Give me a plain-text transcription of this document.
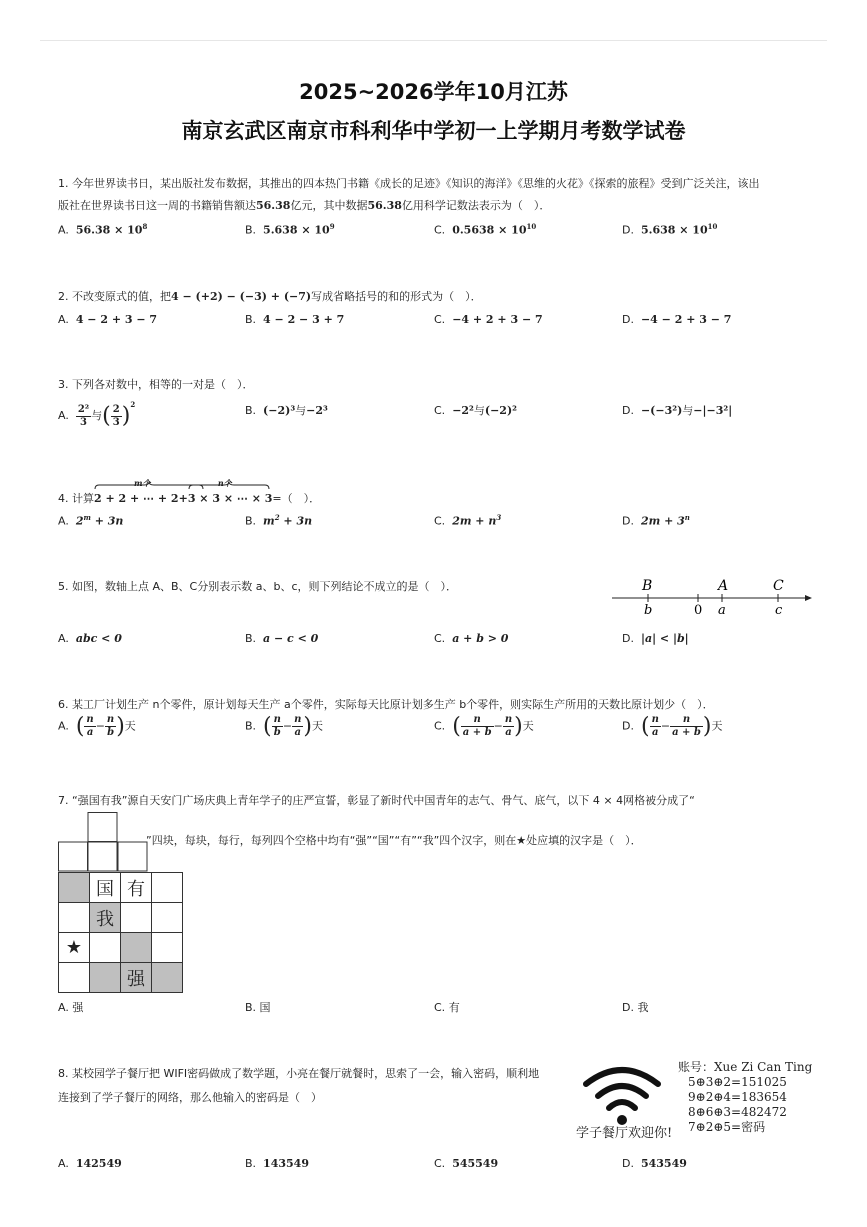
2025~2026学年10月江苏
南京玄武区南京市科利华中学初一上学期月考数学试卷
1. 今年世界读书日，某出版社发布数据，其推出的四本热门书籍《成长的足迹》《知识的海洋》《思维的火花》《探索的旅程》受到广泛关注，该出
版社在世界读书日这一周的书籍销售额达56.38亿元，其中数据56.38亿用科学记数法表示为（　）．
A. $56.38 \times 10^8$	B. $5.638 \times 10^9$	C. $0.5638 \times 10^{10}$	D. $5.638 \times 10^{10}$
2. 不改变原式的值，把4 − (+2) − (−3) + (−7)写成省略括号的和的形式为（　）．
A. 4 − 2 + 3 − 7	B. 4 − 2 − 3 + 7	C. −4 + 2 + 3 − 7	D. −4 − 2 + 3 − 7
3. 下列各对数中，相等的一对是（　）．
A. $\frac{\text{2²}}{3}$ 与( $\frac{2}{3} )^2$	B. (−2)³与−2³	C. −2²与(−2)²	D. −(−3²)与−|−3²|
4. 计算2 + 2 + ⋯ + 2
m个
+3 × 3 × ⋯ × 3
n个
=（　）．
A. $2^m + 3n$	B. $m^2 + 3n$	C. $2m + n^3$	D. $2m + 3^n$
5. 如图，数轴上点 A、B、C分别表示数 a、b、c，则下列结论不成立的是（　）．	B	A	C
b	0 a	c
A. abc < 0	B. a − c < 0	C. a + b > 0	D. |a| < |b|
6. 某工厂计划生产 n个零件，原计划每天生产 a个零件，实际每天比原计划多生产 b个零件，则实际生产所用的天数比原计划少（　）．
A. ( $\frac{n}{a} - \frac{n}{b}$ )天	B. ( $\frac{n}{b} - \frac{n}{a}$ )天	C. ( $\frac{n}{a + b} - \frac{n}{a}$ )天	D. ( $\frac{n}{a} - \frac{n}{a + b}$ )天
7. “强国有我”源自天安门广场庆典上青年学子的庄严宣誓，彰显了新时代中国青年的志气、骨气、底气，以下 4 × 4网格被分成了“
”四块，每块，每行，每列四个空格中均有“强”“国”“有”“我”四个汉字，则在★处应填的汉字是（　）．
	国	有	
	我		
★			
		强	
A. 强	B. 国	C. 有	D. 我
8. 某校园学子餐厅把 WIFI密码做成了数学题，小亮在餐厅就餐时，思索了一会，输入密码，顺利地
连接到了学子餐厅的网络，那么他输入的密码是（　）
学子餐厅欢迎你!
账号：Xue Zi Can Ting
5⊕3⊕2=151025
9⊕2⊕4=183654
8⊕6⊕3=482472
7⊕2⊕5=密码
A. 142549	B. 143549	C. 545549	D. 543549
